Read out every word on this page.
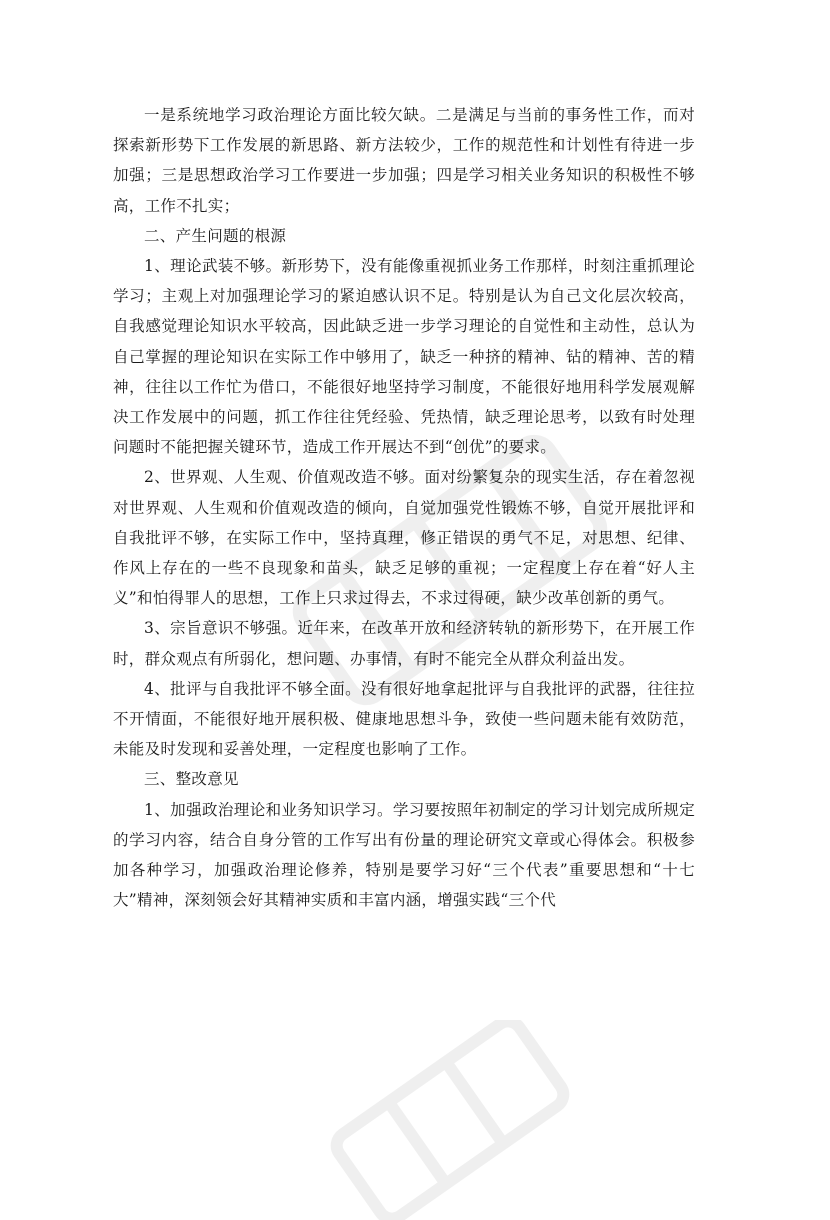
一是系统地学习政治理论方面比较欠缺。二是满足与当前的事务性工作，而对探索新形势下工作发展的新思路、新方法较少，工作的规范性和计划性有待进一步加强；三是思想政治学习工作要进一步加强；四是学习相关业务知识的积极性不够高，工作不扎实；

二、产生问题的根源

1、理论武装不够。新形势下，没有能像重视抓业务工作那样，时刻注重抓理论学习；主观上对加强理论学习的紧迫感认识不足。特别是认为自己文化层次较高，自我感觉理论知识水平较高，因此缺乏进一步学习理论的自觉性和主动性，总认为自己掌握的理论知识在实际工作中够用了，缺乏一种挤的精神、钻的精神、苦的精神，往往以工作忙为借口，不能很好地坚持学习制度，不能很好地用科学发展观解决工作发展中的问题，抓工作往往凭经验、凭热情，缺乏理论思考，以致有时处理问题时不能把握关键环节，造成工作开展达不到“创优”的要求。

2、世界观、人生观、价值观改造不够。面对纷繁复杂的现实生活，存在着忽视对世界观、人生观和价值观改造的倾向，自觉加强党性锻炼不够，自觉开展批评和自我批评不够，在实际工作中，坚持真理，修正错误的勇气不足，对思想、纪律、作风上存在的一些不良现象和苗头，缺乏足够的重视；一定程度上存在着“好人主义”和怕得罪人的思想，工作上只求过得去，不求过得硬，缺少改革创新的勇气。

3、宗旨意识不够强。近年来，在改革开放和经济转轨的新形势下，在开展工作时，群众观点有所弱化，想问题、办事情，有时不能完全从群众利益出发。

4、批评与自我批评不够全面。没有很好地拿起批评与自我批评的武器，往往拉不开情面，不能很好地开展积极、健康地思想斗争，致使一些问题未能有效防范，未能及时发现和妥善处理，一定程度也影响了工作。

三、整改意见

1、加强政治理论和业务知识学习。学习要按照年初制定的学习计划完成所规定的学习内容，结合自身分管的工作写出有份量的理论研究文章或心得体会。积极参加各种学习，加强政治理论修养，特别是要学习好“三个代表”重要思想和“十七大”精神，深刻领会好其精神实质和丰富内涵，增强实践“三个代
